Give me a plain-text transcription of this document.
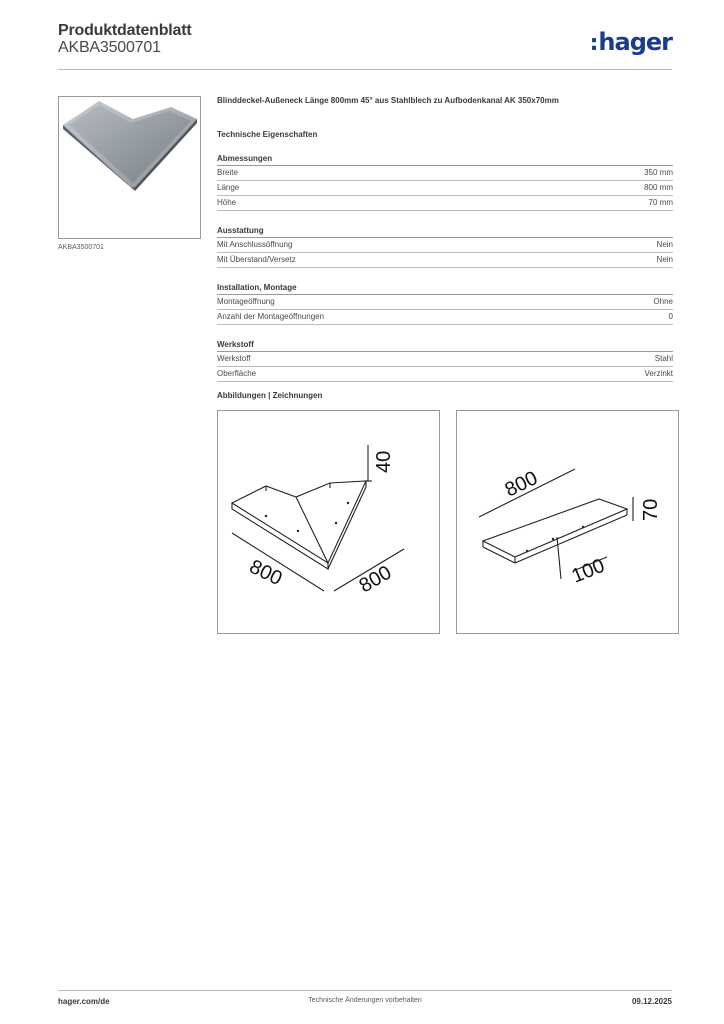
Produktdatenblatt
AKBA3500701	:hager
AKBA3500701
Blinddeckel-Außeneck Länge 800mm 45° aus Stahlblech zu Aufbodenkanal AK 350x70mm
Technische Eigenschaften
Abmessungen
Breite	350 mm
Länge	800 mm
Höhe	70 mm
Ausstattung
Mit Anschlussöffnung	Nein
Mit Überstand/Versetz	Nein
Installation, Montage
Montageöffnung	Ohne
Anzahl der Montageöffnungen	0
Werkstoff
Werkstoff	Stahl
Oberfläche	Verzinkt
Abbildungen | Zeichnungen
40
800	800
800
70
100
hager.com/de	Technische Änderungen vorbehalten	09.12.2025
